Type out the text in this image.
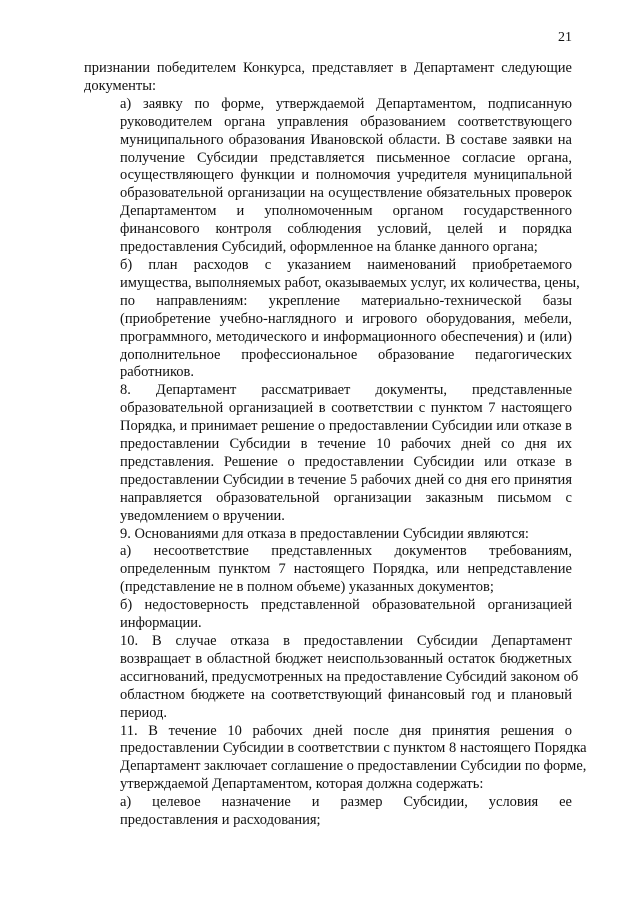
21

признании победителем Конкурса, представляет в Департамент следующие
документы:

а) заявку по форме, утверждаемой Департаментом, подписанную
руководителем органа управления образованием соответствующего
муниципального образования Ивановской области. В составе заявки на
получение Субсидии представляется письменное согласие органа,
осуществляющего функции и полномочия учредителя муниципальной
образовательной организации на осуществление обязательных проверок
Департаментом и уполномоченным органом государственного
финансового контроля соблюдения условий, целей и порядка
предоставления Субсидий, оформленное на бланке данного органа;

б) план расходов с указанием наименований приобретаемого
имущества, выполняемых работ, оказываемых услуг, их количества, цены,
по направлениям: укрепление материально-технической базы
(приобретение учебно-наглядного и игрового оборудования, мебели,
программного, методического и информационного обеспечения) и (или)
дополнительное профессиональное образование педагогических
работников.

8. Департамент рассматривает документы, представленные
образовательной организацией в соответствии с пунктом 7 настоящего
Порядка, и принимает решение о предоставлении Субсидии или отказе в
предоставлении Субсидии в течение 10 рабочих дней со дня их
представления. Решение о предоставлении Субсидии или отказе в
предоставлении Субсидии в течение 5 рабочих дней со дня его принятия
направляется образовательной организации заказным письмом с
уведомлением о вручении.

9. Основаниями для отказа в предоставлении Субсидии являются:

а) несоответствие представленных документов требованиям,
определенным пунктом 7 настоящего Порядка, или непредставление
(представление не в полном объеме) указанных документов;

б) недостоверность представленной образовательной организацией
информации.

10. В случае отказа в предоставлении Субсидии Департамент
возвращает в областной бюджет неиспользованный остаток бюджетных
ассигнований, предусмотренных на предоставление Субсидий законом об
областном бюджете на соответствующий финансовый год и плановый
период.

11. В течение 10 рабочих дней после дня принятия решения о
предоставлении Субсидии в соответствии с пунктом 8 настоящего Порядка
Департамент заключает соглашение о предоставлении Субсидии по форме,
утверждаемой Департаментом, которая должна содержать:

а) целевое назначение и размер Субсидии, условия ее
предоставления и расходования;
